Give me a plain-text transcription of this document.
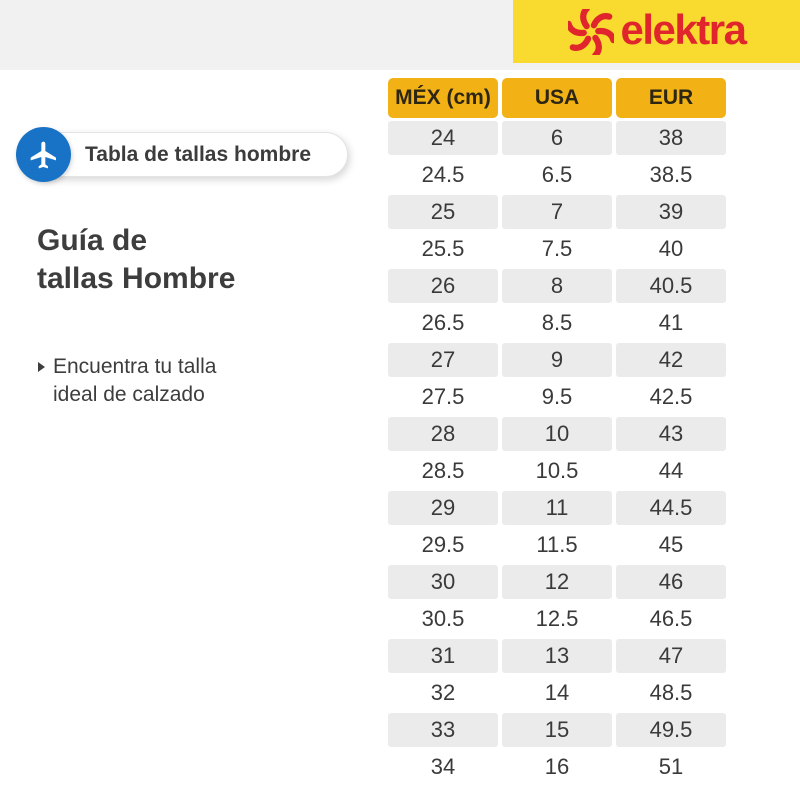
elektra
Tabla de tallas hombre
Guía de
tallas Hombre
Encuentra tu talla
ideal de calzado
MÉX (cm)	USA	EUR
24	6	38
24.5	6.5	38.5
25	7	39
25.5	7.5	40
26	8	40.5
26.5	8.5	41
27	9	42
27.5	9.5	42.5
28	10	43
28.5	10.5	44
29	11	44.5
29.5	11.5	45
30	12	46
30.5	12.5	46.5
31	13	47
32	14	48.5
33	15	49.5
34	16	51
